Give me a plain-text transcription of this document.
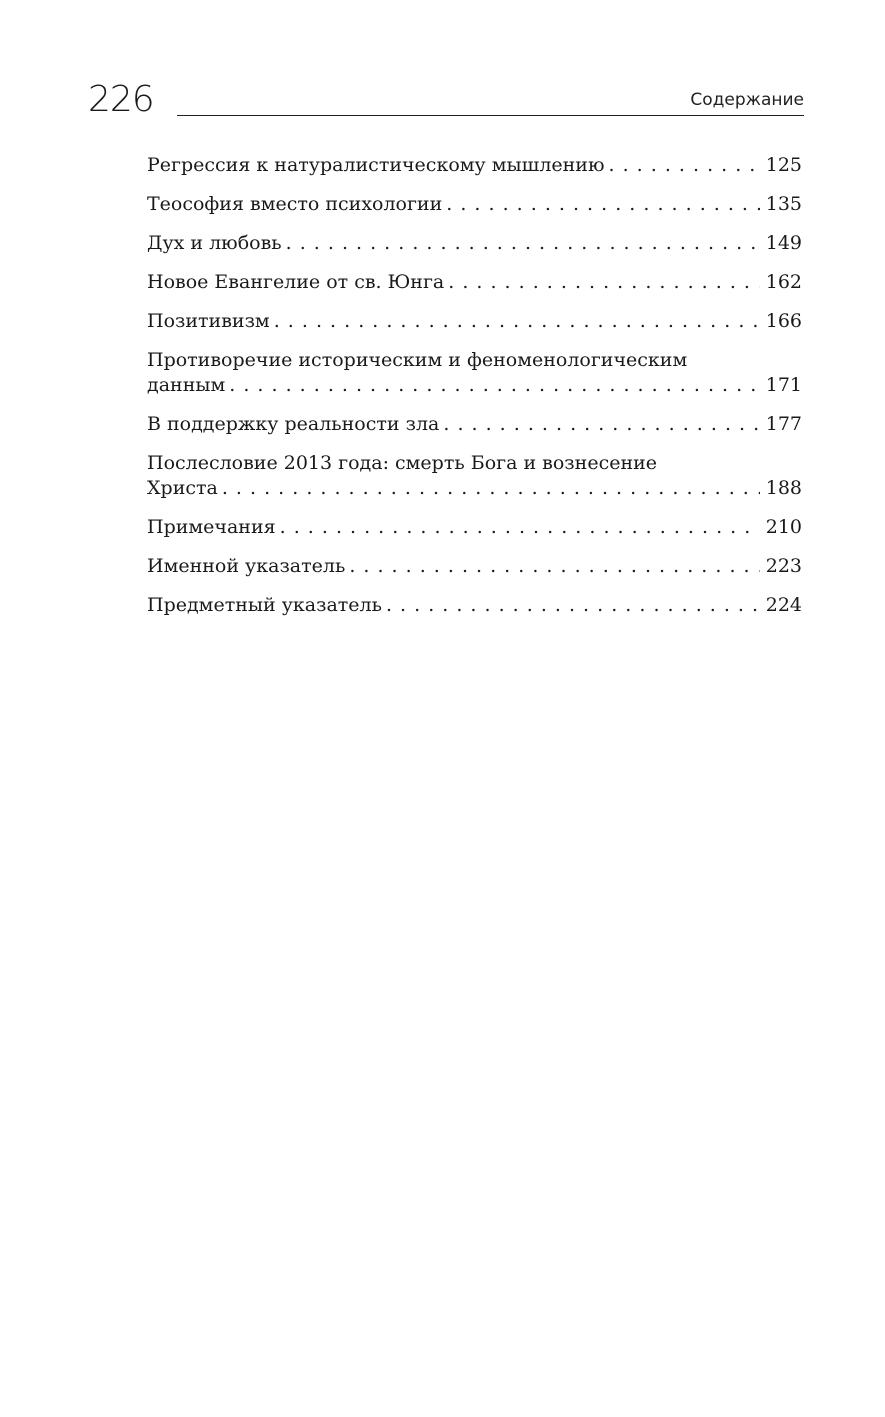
226	Содержание
Регрессия к натуралистическому мышлению . . .	125
Теософия вместо психологии . . .	135
Дух и любовь . . .	149
Новое Евангелие от св. Юнга . . .	162
Позитивизм . . .	166
Противоречие историческим и феноменологическим
данным . . .	171
В поддержку реальности зла . . .	177
Послесловие 2013 года: смерть Бога и вознесение
Христа . . .	188
Примечания . . .	210
Именной указатель . . .	223
Предметный указатель . . .	224
